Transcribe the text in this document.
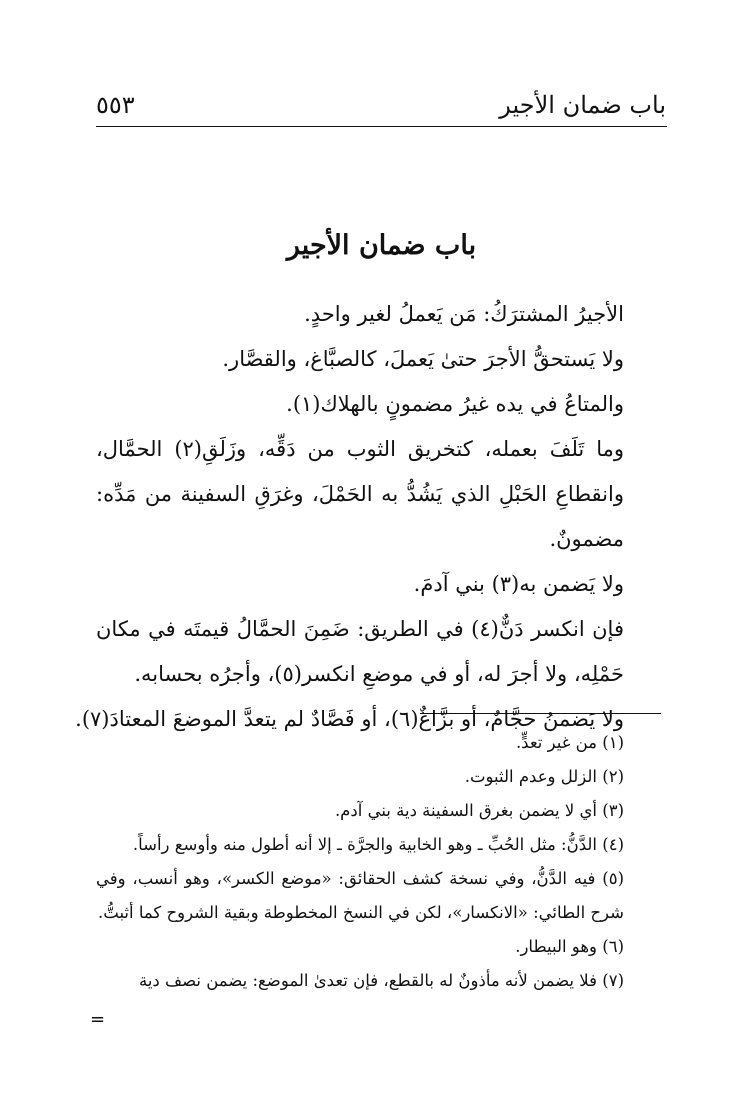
باب ضمان الأجير
٥٥٣
باب ضمان الأجير

الأجيرُ المشترَكُ: مَن يَعملُ لغير واحدٍ.

ولا يَستحقُّ الأجرَ حتىٰ يَعملَ، كالصبَّاغ، والقصَّار.

والمتاعُ في يده غيرُ مضمونٍ بالهلاك(١).

وما تَلَفَ بعمله، كتخريق الثوب من دَقِّه، وزَلَقِ(٢) الحمَّال، وانقطاعِ الحَبْلِ الذي يَشُدُّ به الحَمْلَ، وغرَقِ السفينة من مَدِّه: مضمونٌ.

ولا يَضمن به(٣) بني آدمَ.

فإن انكسر دَنٌّ(٤) في الطريق: ضَمِنَ الحمَّالُ قيمتَه في مكان حَمْلِه، ولا أجرَ له، أو في موضعِ انكسر(٥)، وأجرُه بحسابه.

ولا يَضمنُ حجَّامٌ، أو بزَّاغٌ(٦)، أو فَصَّادٌ لم يتعدَّ الموضعَ المعتادَ(٧).

(١) من غير تعدٍّ.

(٢) الزلل وعدم الثبوت.

(٣) أي لا يضمن بغرق السفينة دية بني آدم.

(٤) الدَّنُّ: مثل الحُبِّ ـ وهو الخابية والجرَّة ـ إلا أنه أطول منه وأوسع رأساً.

(٥) فيه الدَّنُّ، وفي نسخة كشف الحقائق: «موضع الكسر»، وهو أنسب، وفي شرح الطائي: «الانكسار»، لكن في النسخ المخطوطة وبقية الشروح كما أثبتُّ.

(٦) وهو البيطار.

(٧) فلا يضمن لأنه مأذونٌ له بالقطع، فإن تعدىٰ الموضع: يضمن نصف دية

=
